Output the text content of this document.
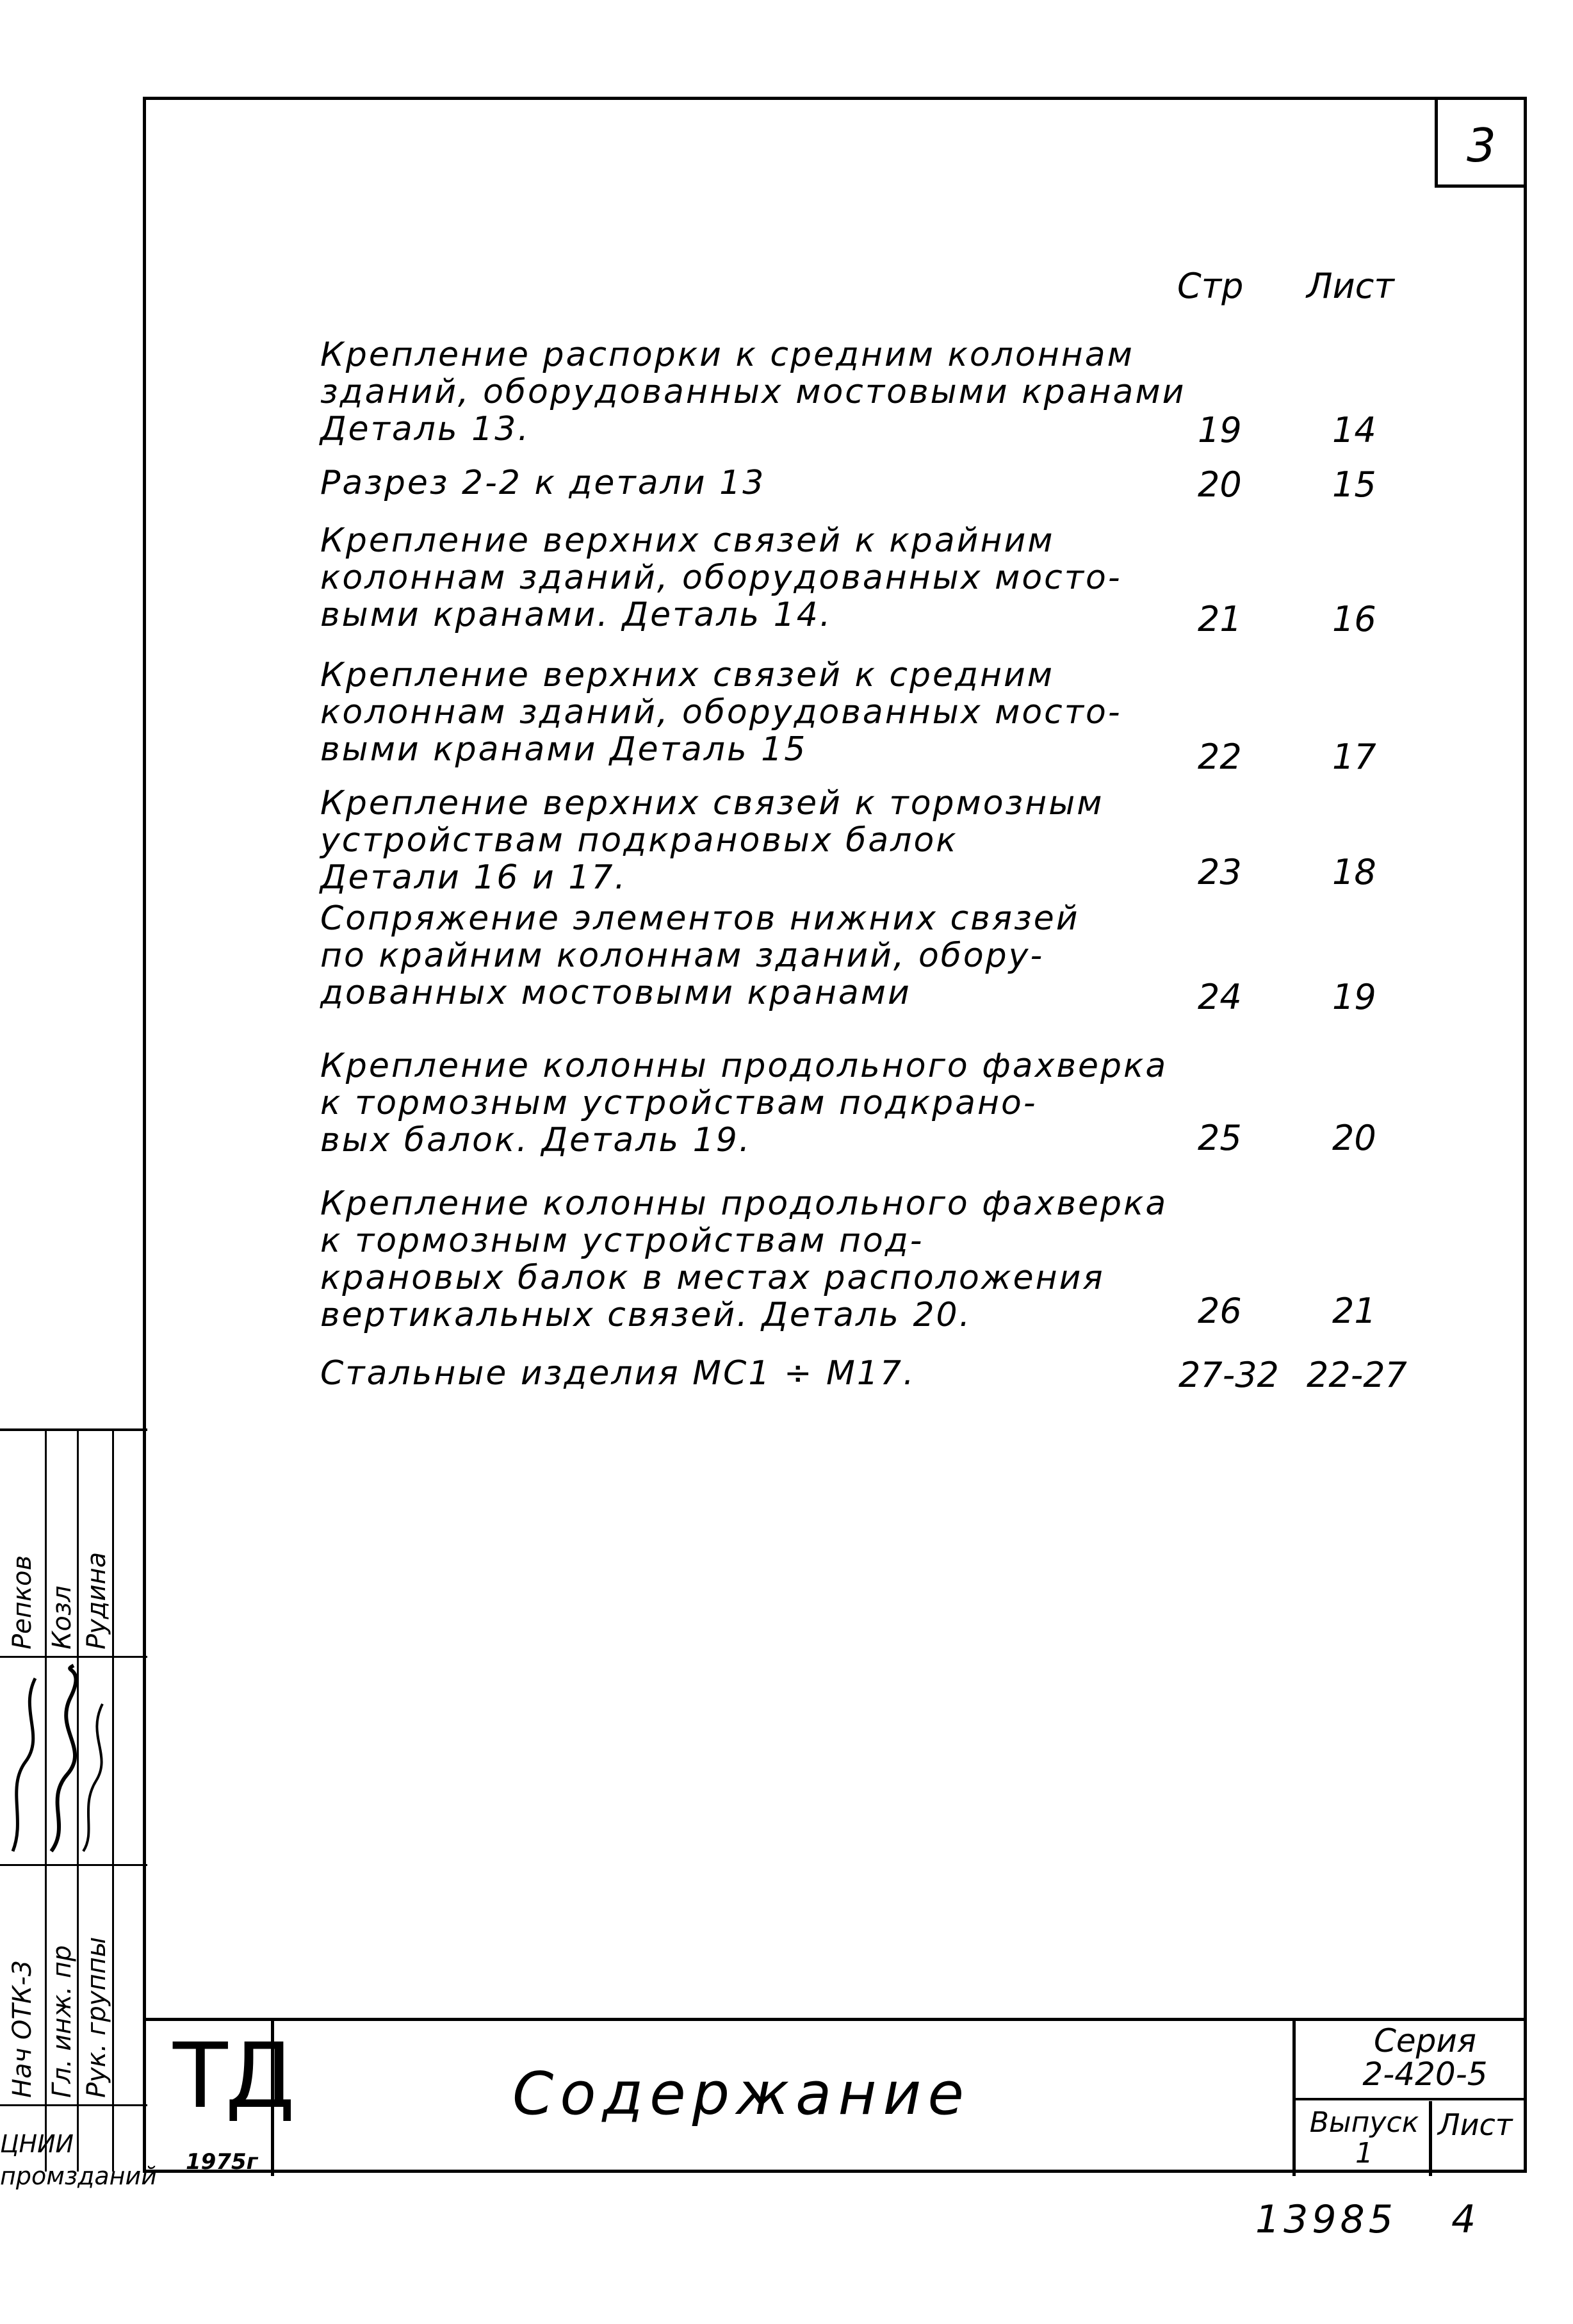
3
Стр Лист
Крепление распорки к средним колоннам
зданий, оборудованных мостовыми кранами
Деталь 13.	19	14
Разрез 2-2 к детали 13	20	15
Крепление верхних связей к крайним
колоннам зданий, оборудованных мосто-
выми кранами. Деталь 14.	21	16
Крепление верхних связей к средним
колоннам зданий, оборудованных мосто-
выми кранами Деталь 15	22	17
Крепление верхних связей к тормозным
устройствам подкрановых балок
Детали 16 и 17.	23	18
Сопряжение элементов нижних связей
по крайним колоннам зданий, обору-
дованных мостовыми кранами	24	19
Крепление колонны продольного фахверка
к тормозным устройствам подкрано-
вых балок. Деталь 19.	25	20
Крепление колонны продольного фахверка
к тормозным устройствам под-
крановых балок в местах расположения
вертикальных связей. Деталь 20.	26	21
Стальные изделия МС1 ÷ М17.	27-32 22-27
Нач ОТК-3 Гл. инж. пр Рук. группы
Репков Козл Рудина
ЦНИИ
промзданий
ТД
1975г
Содержание
Серия
2-420-5
Выпуск
1
Лист
13985 4
